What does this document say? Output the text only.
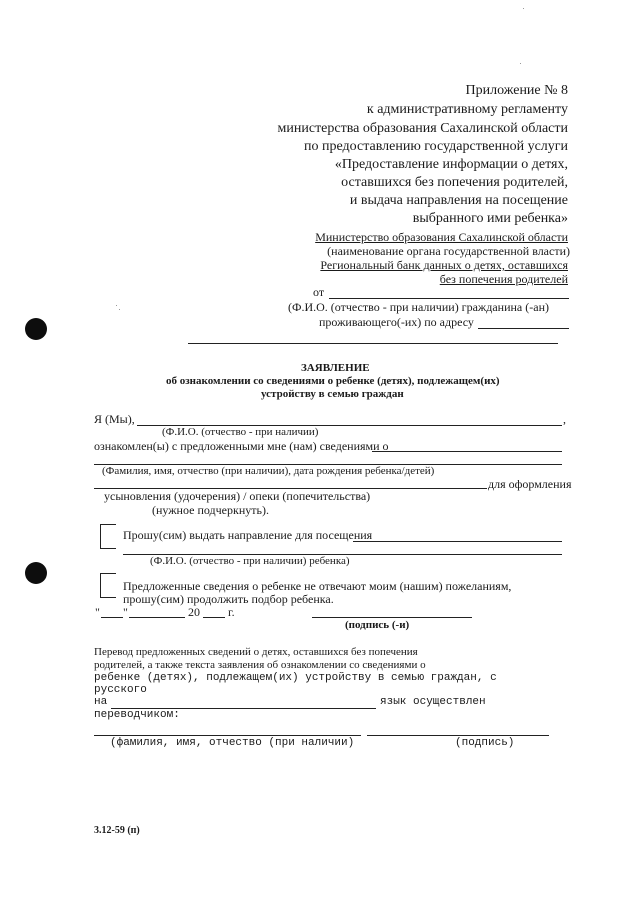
Приложение № 8
к административному регламенту
министерства образования Сахалинской области
по предоставлению государственной услуги
«Предоставление информации о детях,
оставшихся без попечения родителей,
и выдача направления на посещение
выбранного ими ребенка»
Министерство образования Сахалинской области
(наименование органа государственной власти)
Региональный банк данных о детях, оставшихся
без попечения родителей
от
(Ф.И.О. (отчество - при наличии) гражданина (-ан)
проживающего(-их) по адресу
ЗАЯВЛЕНИЕ
об ознакомлении со сведениями о ребенке (детях), подлежащем(их)
устройству в семью граждан
Я (Мы),	,
(Ф.И.О. (отчество - при наличии)
ознакомлен(ы) с предложенными мне (нам) сведениями о
(Фамилия, имя, отчество (при наличии), дата рождения ребенка/детей)
для оформления
усыновления (удочерения) / опеки (попечительства)
(нужное подчеркнуть).
Прошу(сим) выдать направление для посещения
(Ф.И.О. (отчество - при наличии) ребенка)
Предложенные сведения о ребенке не отвечают моим (нашим) пожеланиям,
прошу(сим) продолжить подбор ребенка.
" "	20 г.
(подпись (-и)
Перевод предложенных сведений о детях, оставшихся без попечения
родителей, а также текста заявления об ознакомлении со сведениями о
ребенке (детях), подлежащем(их) устройству в семью граждан, с
русского
на	язык осуществлен
переводчиком:
(фамилия, имя, отчество (при наличии)	(подпись)
3.12-59 (п)
